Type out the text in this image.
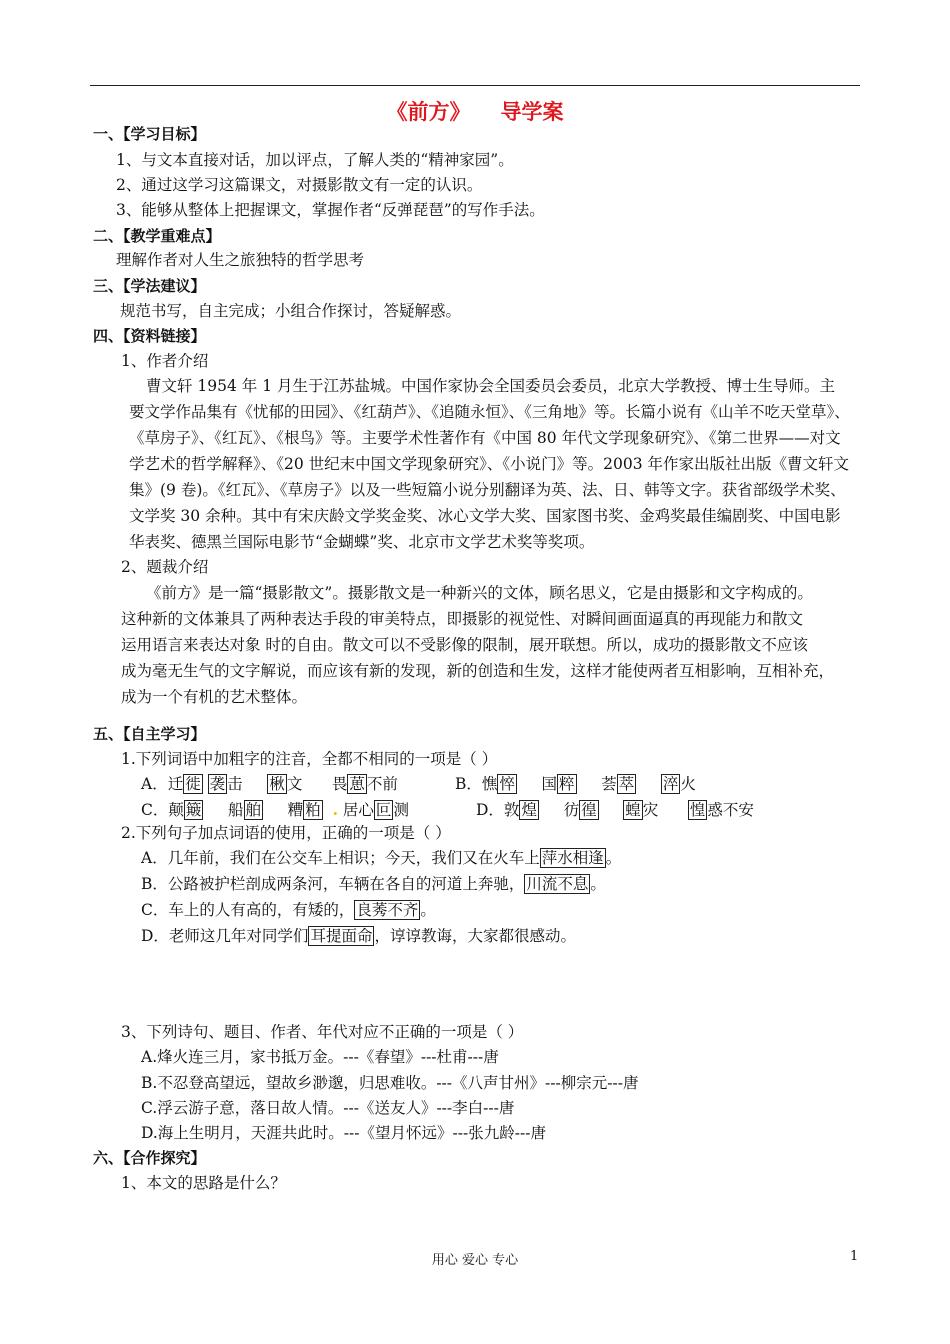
《前方》 导学案
一、【学习目标】
1、与文本直接对话，加以评点，了解人类的“精神家园”。
2、通过这学习这篇课文，对摄影散文有一定的认识。
3、能够从整体上把握课文，掌握作者“反弹琵琶”的写作手法。
二、【教学重难点】
理解作者对人生之旅独特的哲学思考
三、【学法建议】
规范书写，自主完成；小组合作探讨，答疑解惑。
四、【资料链接】
1、作者介绍
曹文轩 1954 年 1 月生于江苏盐城。中国作家协会全国委员会委员，北京大学教授、博士生导师。主
要文学作品集有《忧郁的田园》、《红葫芦》、《追随永恒》、《三角地》等。长篇小说有《山羊不吃天堂草》、
《草房子》、《红瓦》、《根鸟》等。主要学术性著作有《中国 80 年代文学现象研究》、《第二世界——对文
学艺术的哲学解释》、《20 世纪末中国文学现象研究》、《小说门》等。2003 年作家出版社出版《曹文轩文
集》(9 卷)。《红瓦》、《草房子》以及一些短篇小说分别翻译为英、法、日、韩等文字。获省部级学术奖、
文学奖 30 余种。其中有宋庆龄文学奖金奖、冰心文学大奖、国家图书奖、金鸡奖最佳编剧奖、中国电影
华表奖、德黑兰国际电影节“金蝴蝶”奖、北京市文学艺术奖等奖项。
2、题裁介绍
《前方》是一篇“摄影散文”。摄影散文是一种新兴的文体，顾名思义，它是由摄影和文字构成的。
这种新的文体兼具了两种表达手段的审美特点，即摄影的视觉性、对瞬间画面逼真的再现能力和散文
运用语言来表达对象 时的自由。散文可以不受影像的限制，展开联想。所以，成功的摄影散文不应该
成为毫无生气的文字解说，而应该有新的发现，新的创造和生发，这样才能使两者互相影响，互相补充，
成为一个有机的艺术整体。
五、【自主学习】
1.下列词语中加粗字的注音，全都不相同的一项是（ ）
A．迁 徙 袭 击     楸 文      畏 葸 不前	B．憔 悴     国 粹     荟 萃 淬 火
C．颠 簸     船 舶     糟 粕 . 居心 叵 测	D．敦 煌     彷 徨 蝗 灾      惶 惑不安
2.下列句子加点词语的使用，正确的一项是（ ）
A．几年前，我们在公交车上相识；今天，我们又在火车上 萍水相逢 。
B．公路被护栏剖成两条河，车辆在各自的河道上奔驰， 川流不息 。
C．车上的人有高的，有矮的， 良莠不齐 。
D．老师这几年对同学们 耳提面命 ，谆谆教诲，大家都很感动。
3、下列诗句、题目、作者、年代对应不正确的一项是（ ）
A.烽火连三月，家书抵万金。---《春望》---杜甫---唐
B.不忍登高望远，望故乡渺邈，归思难收。---《八声甘州》---柳宗元---唐
C.浮云游子意，落日故人情。---《送友人》---李白---唐
D.海上生明月，天涯共此时。---《望月怀远》---张九龄---唐
六、【合作探究】
1、本文的思路是什么？
用心 爱心 专心	1
